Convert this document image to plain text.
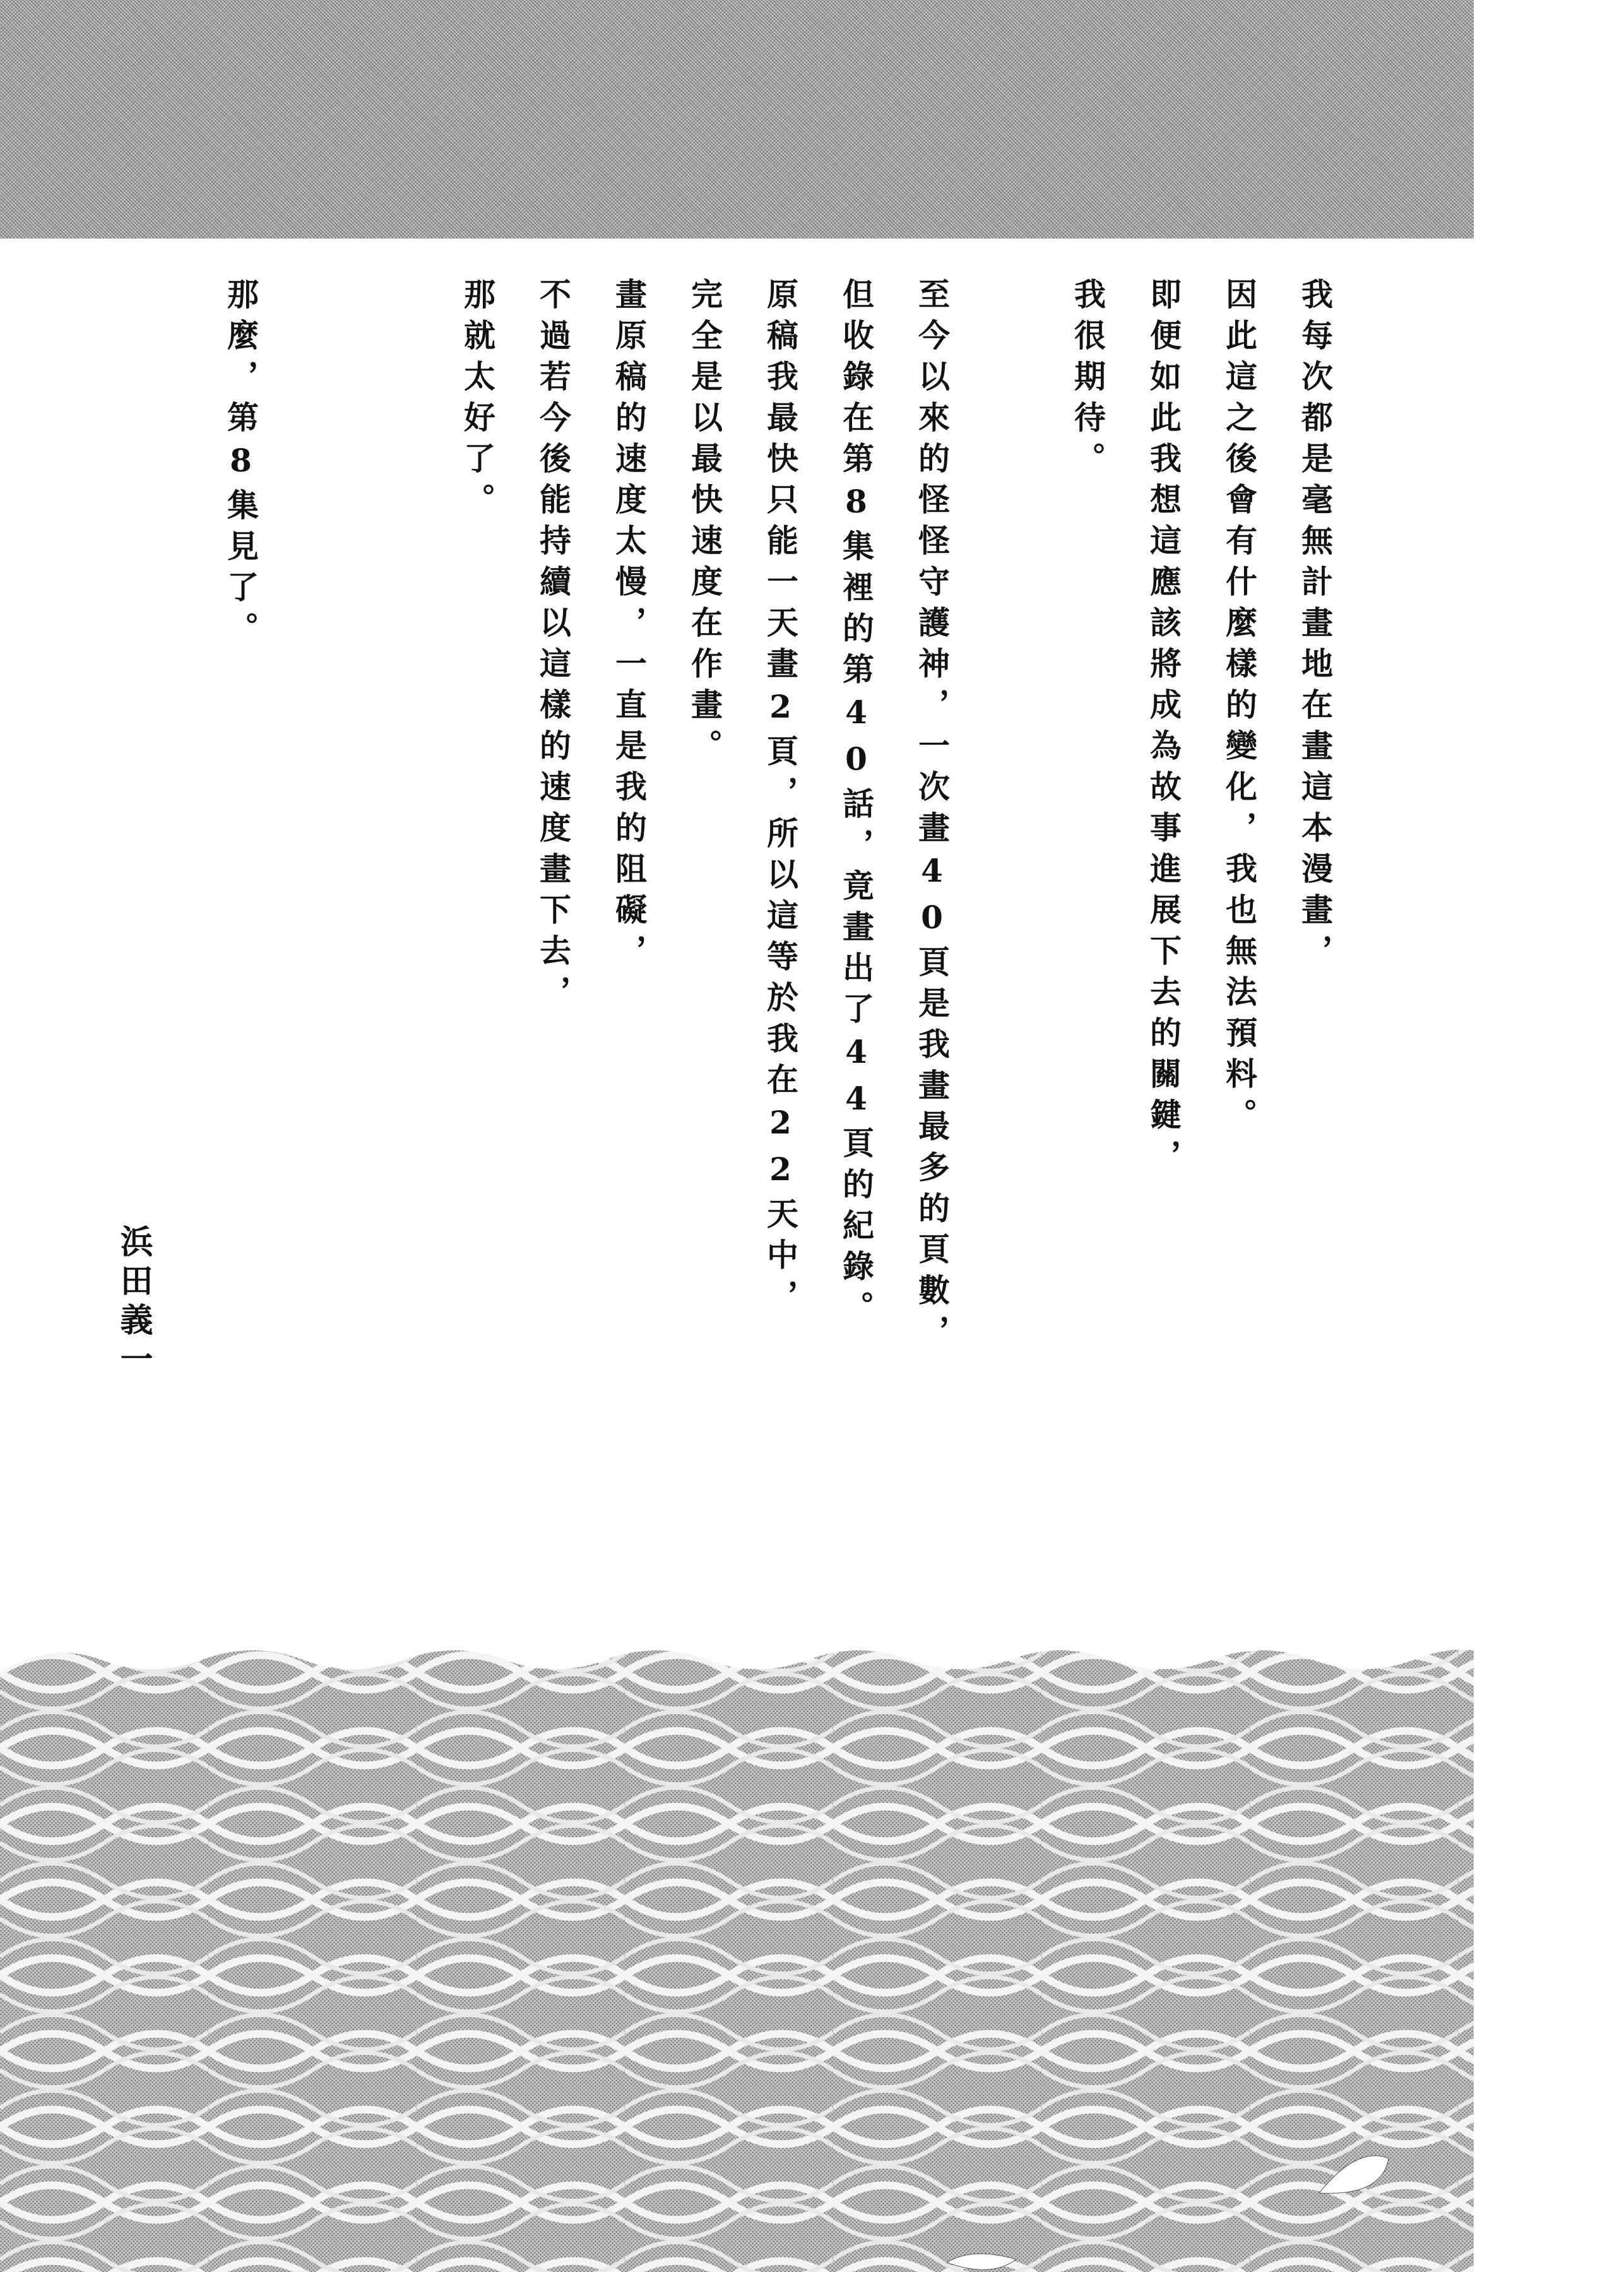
我每次都是毫無計畫地在畫這本漫畫，
因此這之後會有什麼樣的變化，我也無法預料。
即便如此我想這應該將成為故事進展下去的關鍵，
我很期待。
至今以來的怪怪守護神，一次畫40頁是我畫最多的頁數，
但收錄在第8集裡的第40話，竟畫出了44頁的紀錄。
原稿我最快只能一天畫2頁，所以這等於我在22天中，
完全是以最快速度在作畫。
畫原稿的速度太慢，一直是我的阻礙，
不過若今後能持續以這樣的速度畫下去，
那就太好了。
那麼，第8集見了。
浜田義一
